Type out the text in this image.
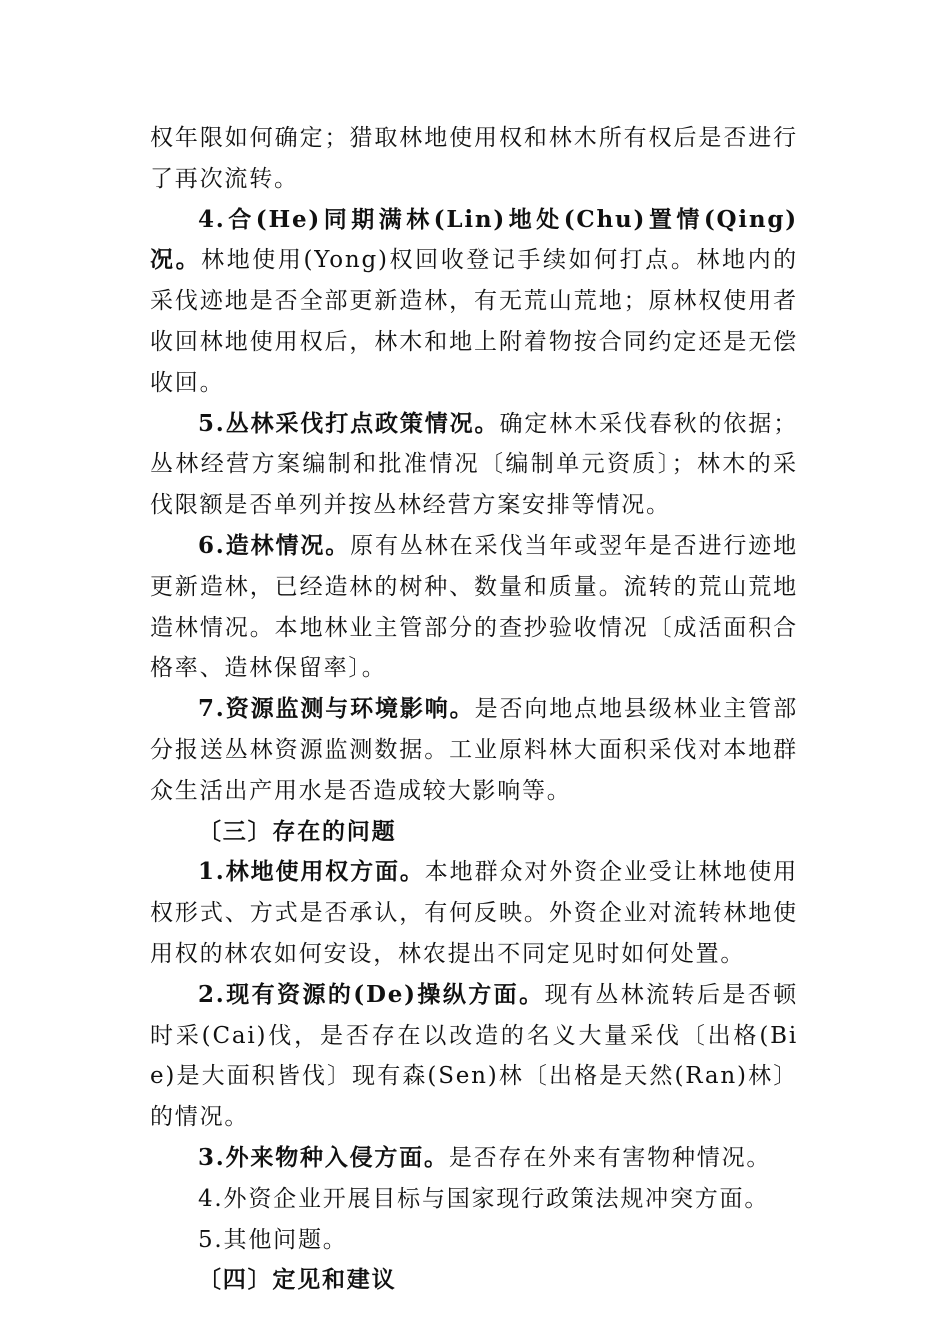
权年限如何确定；猎取林地使用权和林木所有权后是否进行了再次流转。

4.合(He)同期满林(Lin)地处(Chu)置情(Qing)况。林地使用(Yong)权回收登记手续如何打点。林地内的采伐迹地是否全部更新造林，有无荒山荒地；原林权使用者收回林地使用权后，林木和地上附着物按合同约定还是无偿收回。

5.丛林采伐打点政策情况。确定林木采伐春秋的依据；丛林经营方案编制和批准情况〔编制单元资质〕；林木的采伐限额是否单列并按丛林经营方案安排等情况。

6.造林情况。原有丛林在采伐当年或翌年是否进行迹地更新造林，已经造林的树种、数量和质量。流转的荒山荒地造林情况。本地林业主管部分的查抄验收情况〔成活面积合格率、造林保留率〕。

7.资源监测与环境影响。是否向地点地县级林业主管部分报送丛林资源监测数据。工业原料林大面积采伐对本地群众生活出产用水是否造成较大影响等。

〔三〕存在的问题

1.林地使用权方面。本地群众对外资企业受让林地使用权形式、方式是否承认，有何反映。外资企业对流转林地使用权的林农如何安设，林农提出不同定见时如何处置。

2.现有资源的(De)操纵方面。现有丛林流转后是否顿时采(Cai)伐，是否存在以改造的名义大量采伐〔出格(Bie)是大面积皆伐〕现有森(Sen)林〔出格是天然(Ran)林〕的情况。

3.外来物种入侵方面。是否存在外来有害物种情况。

4.外资企业开展目标与国家现行政策法规冲突方面。

5.其他问题。

〔四〕定见和建议
